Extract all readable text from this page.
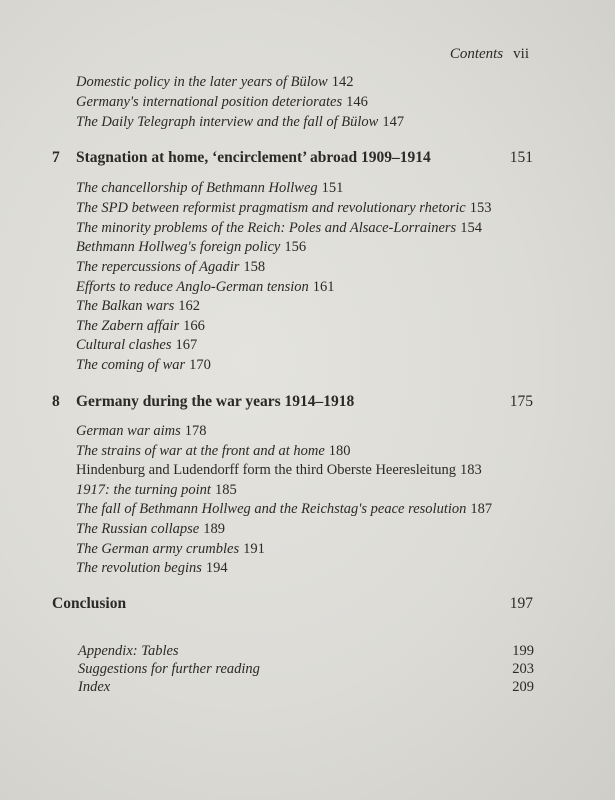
Contents vii
Domestic policy in the later years of Bülow 142
Germany's international position deteriorates 146
The Daily Telegraph interview and the fall of Bülow 147
7 Stagnation at home, ‘encirclement’ abroad 1909–1914	151
The chancellorship of Bethmann Hollweg 151
The SPD between reformist pragmatism and revolutionary rhetoric 153
The minority problems of the Reich: Poles and Alsace-Lorrainers 154
Bethmann Hollweg's foreign policy 156
The repercussions of Agadir 158
Efforts to reduce Anglo-German tension 161
The Balkan wars 162
The Zabern affair 166
Cultural clashes 167
The coming of war 170
8 Germany during the war years 1914–1918	175
German war aims 178
The strains of war at the front and at home 180
Hindenburg and Ludendorff form the third Oberste Heeresleitung 183
1917: the turning point 185
The fall of Bethmann Hollweg and the Reichstag's peace resolution 187
The Russian collapse 189
The German army crumbles 191
The revolution begins 194
Conclusion	197
Appendix: Tables	199
Suggestions for further reading	203
Index	209
